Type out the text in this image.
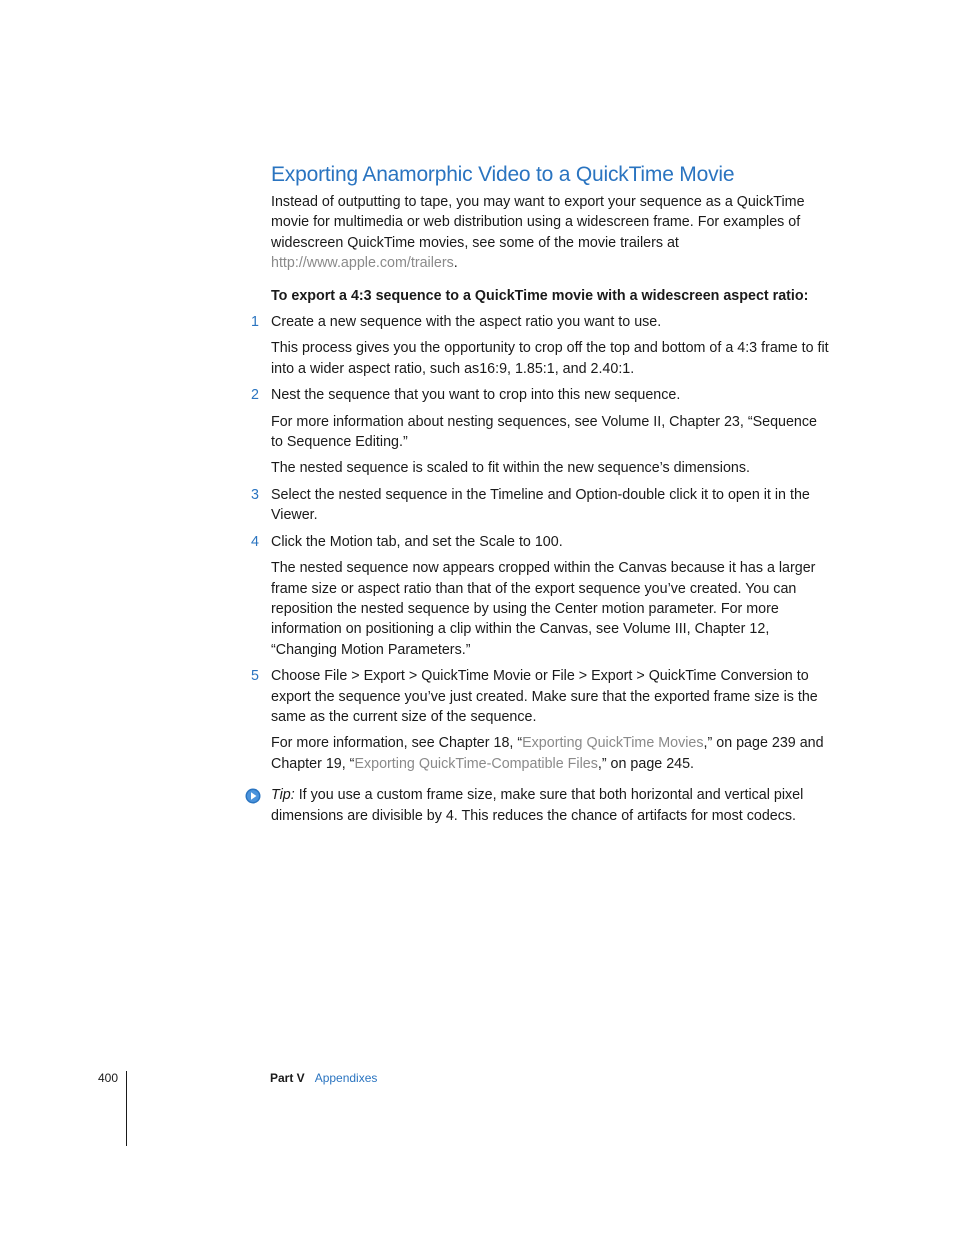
Exporting Anamorphic Video to a QuickTime Movie

Instead of outputting to tape, you may want to export your sequence as a QuickTime movie for multimedia or web distribution using a widescreen frame. For examples of widescreen QuickTime movies, see some of the movie trailers at http://www.apple.com/trailers.

To export a 4:3 sequence to a QuickTime movie with a widescreen aspect ratio:

1 Create a new sequence with the aspect ratio you want to use.

This process gives you the opportunity to crop off the top and bottom of a 4:3 frame to fit into a wider aspect ratio, such as16:9, 1.85:1, and 2.40:1.

2 Nest the sequence that you want to crop into this new sequence.

For more information about nesting sequences, see Volume II, Chapter 23, “Sequence to Sequence Editing.”

The nested sequence is scaled to fit within the new sequence’s dimensions.

3 Select the nested sequence in the Timeline and Option-double click it to open it in the Viewer.

4 Click the Motion tab, and set the Scale to 100.

The nested sequence now appears cropped within the Canvas because it has a larger frame size or aspect ratio than that of the export sequence you’ve created. You can reposition the nested sequence by using the Center motion parameter. For more information on positioning a clip within the Canvas, see Volume III, Chapter 12, “Changing Motion Parameters.”

5 Choose File > Export > QuickTime Movie or File > Export > QuickTime Conversion to export the sequence you’ve just created. Make sure that the exported frame size is the same as the current size of the sequence.

For more information, see Chapter 18, “Exporting QuickTime Movies,” on page 239 and Chapter 19, “Exporting QuickTime-Compatible Files,” on page 245.

Tip: If you use a custom frame size, make sure that both horizontal and vertical pixel dimensions are divisible by 4. This reduces the chance of artifacts for most codecs.

400	Part V Appendixes
